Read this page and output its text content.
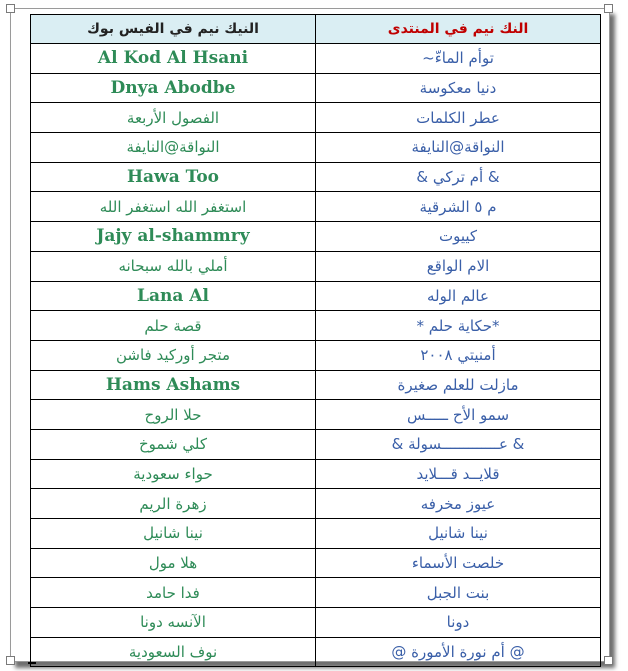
النيك نيم في الفيس بوك	النك نيم في المنتدى
Al Kod Al Hsani	توأم الماءّ~
Dnya Abodbe	دنيا معكوسة
الفصول الأربعة	عطر الكلمات
النواقة@النايفة	النواقة@النايفة
Hawa Too	& أم تركي &
استغفر الله استغفر الله	م ٥ الشرقية
Jajy al-shammry	كييوت
أملي بالله سبحانه	الام الواقع
Lana Al	عالم الوله
قصة حلم	*حكاية حلم *
متجر أوركيد فاشن	أمنيتي ٢٠٠٨
Hams Ashams	مازلت للعلم صغيرة
حلا الروح	سمو الأح ـــــس
كلي شموخ	& عـــــــــــــسولة &
حواء سعودية	قلايــد قـــلايد
زهرة الريم	عيوز مخرفه
نينا شانيل	نينا شانيل
هلا مول	خلصت الأسماء
فدا حامد	بنت الجبل
الآنسه دونا	دونا
نوف السعودية	@ أم نورة الأمورة @
